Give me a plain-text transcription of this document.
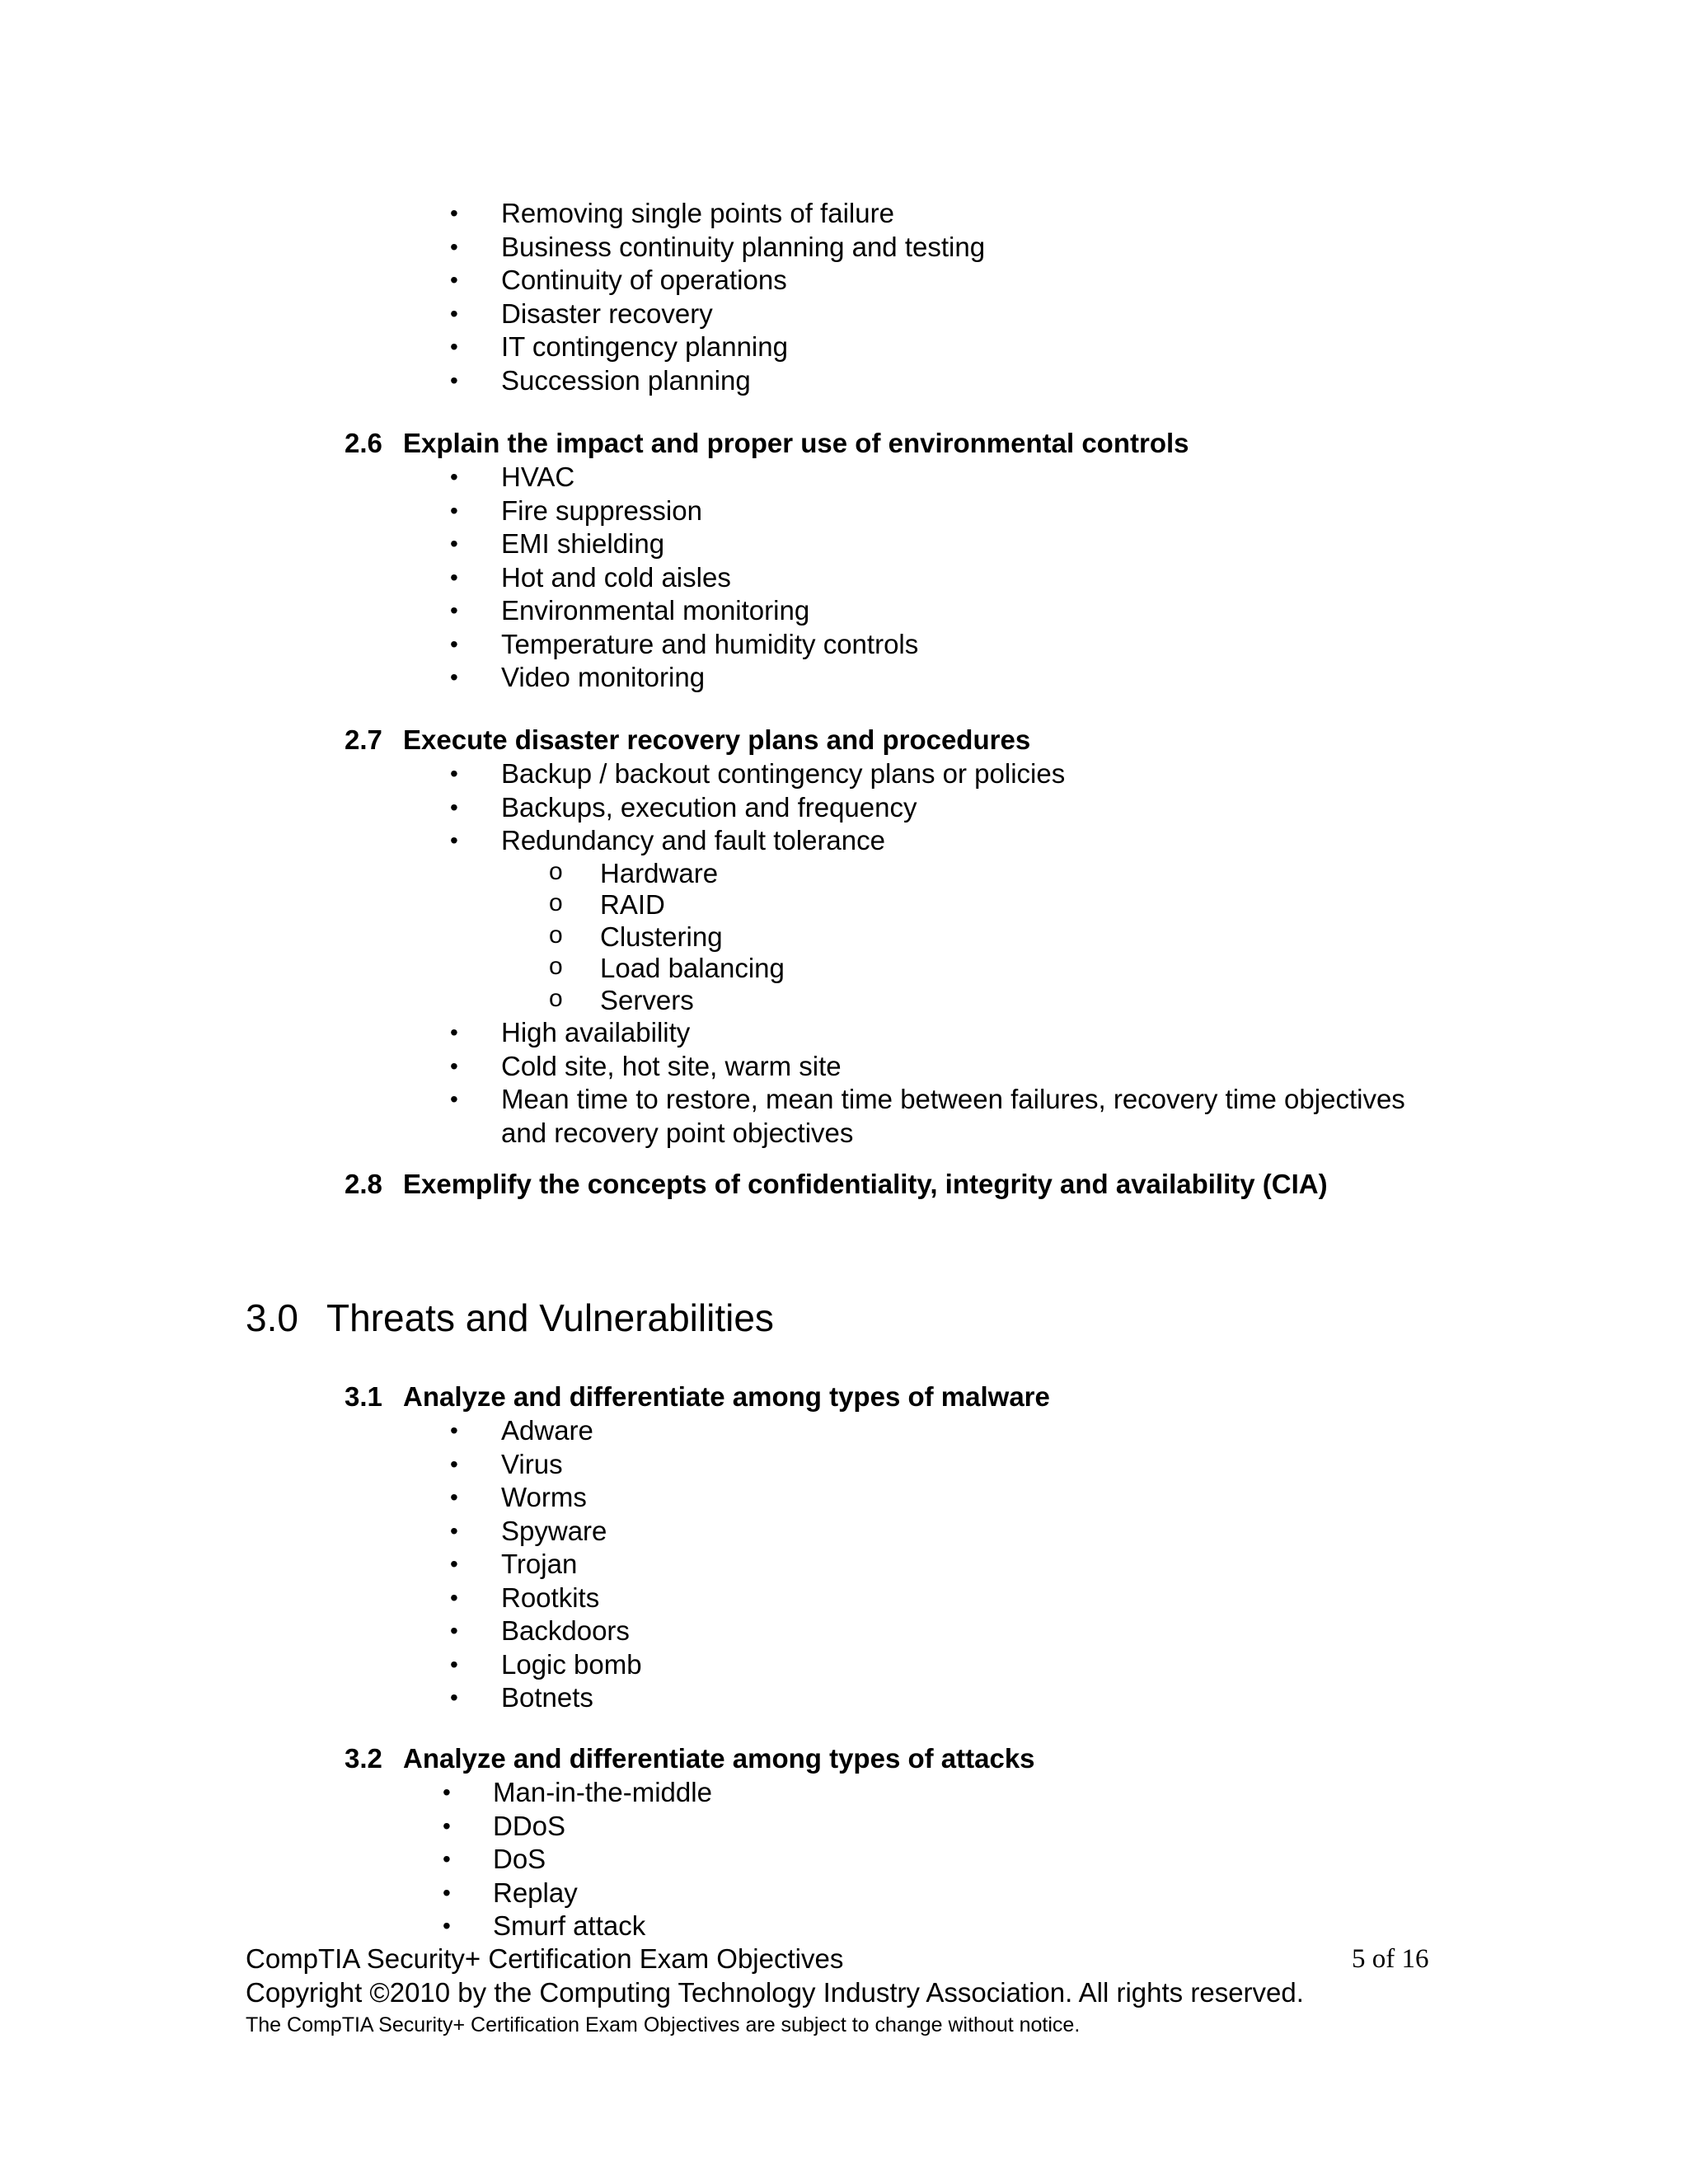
• Removing single points of failure
• Business continuity planning and testing
• Continuity of operations
• Disaster recovery
• IT contingency planning
• Succession planning
2.6 Explain the impact and proper use of environmental controls
• HVAC
• Fire suppression
• EMI shielding
• Hot and cold aisles
• Environmental monitoring
• Temperature and humidity controls
• Video monitoring
2.7 Execute disaster recovery plans and procedures
• Backup / backout contingency plans or policies
• Backups, execution and frequency
• Redundancy and fault tolerance
o Hardware
o RAID
o Clustering
o Load balancing
o Servers
• High availability
• Cold site, hot site, warm site
• Mean time to restore, mean time between failures, recovery time objectives and recovery point objectives
2.8 Exemplify the concepts of confidentiality, integrity and availability (CIA)
3.0 Threats and Vulnerabilities
3.1 Analyze and differentiate among types of malware
• Adware
• Virus
• Worms
• Spyware
• Trojan
• Rootkits
• Backdoors
• Logic bomb
• Botnets
3.2 Analyze and differentiate among types of attacks
• Man-in-the-middle
• DDoS
• DoS
• Replay
• Smurf attack
CompTIA Security+ Certification Exam Objectives	5 of 16
Copyright ©2010 by the Computing Technology Industry Association. All rights reserved.
The CompTIA Security+ Certification Exam Objectives are subject to change without notice.
